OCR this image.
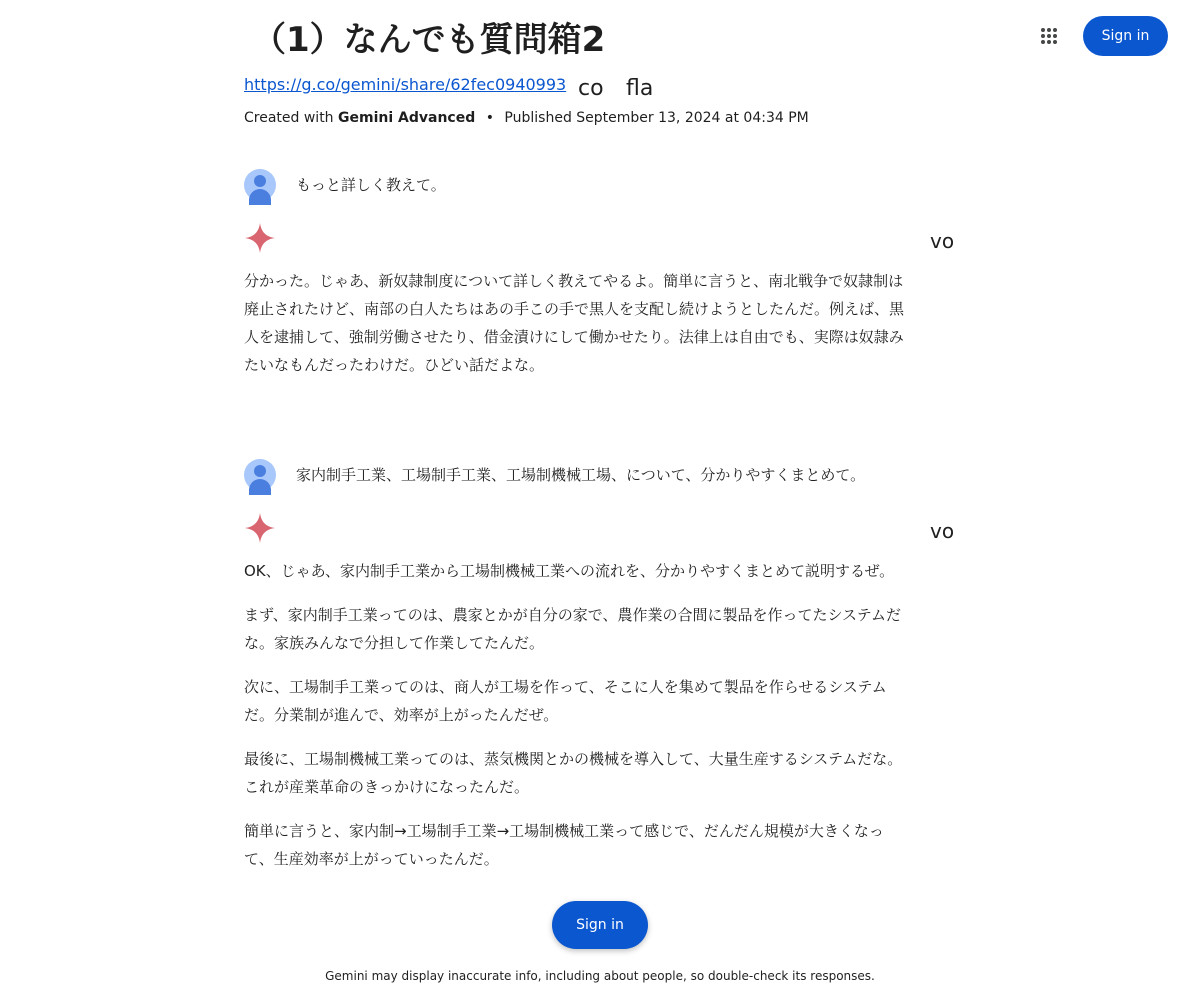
（1）なんでも質問箱2
https://g.co/gemini/share/62fec0940993 co fla
Created with Gemini Advanced • Published September 13, 2024 at 04:34 PM
Sign in
もっと詳しく教えて。
vo

分かった。じゃあ、新奴隷制度について詳しく教えてやるよ。簡単に言うと、南北戦争で奴隷制は廃止されたけど、南部の白人たちはあの手この手で黒人を支配し続けようとしたんだ。例えば、黒人を逮捕して、強制労働させたり、借金漬けにして働かせたり。法律上は自由でも、実際は奴隷みたいなもんだったわけだ。ひどい話だよな。

家内制手工業、工場制手工業、工場制機械工場、について、分かりやすくまとめて。
vo

OK、じゃあ、家内制手工業から工場制機械工業への流れを、分かりやすくまとめて説明するぜ。

まず、家内制手工業ってのは、農家とかが自分の家で、農作業の合間に製品を作ってたシステムだな。家族みんなで分担して作業してたんだ。

次に、工場制手工業ってのは、商人が工場を作って、そこに人を集めて製品を作らせるシステムだ。分業制が進んで、効率が上がったんだぜ。

最後に、工場制機械工業ってのは、蒸気機関とかの機械を導入して、大量生産するシステムだな。これが産業革命のきっかけになったんだ。

簡単に言うと、家内制→工場制手工業→工場制機械工業って感じで、だんだん規模が大きくなって、生産効率が上がっていったんだ。

Sign in
Gemini may display inaccurate info, including about people, so double-check its responses.
